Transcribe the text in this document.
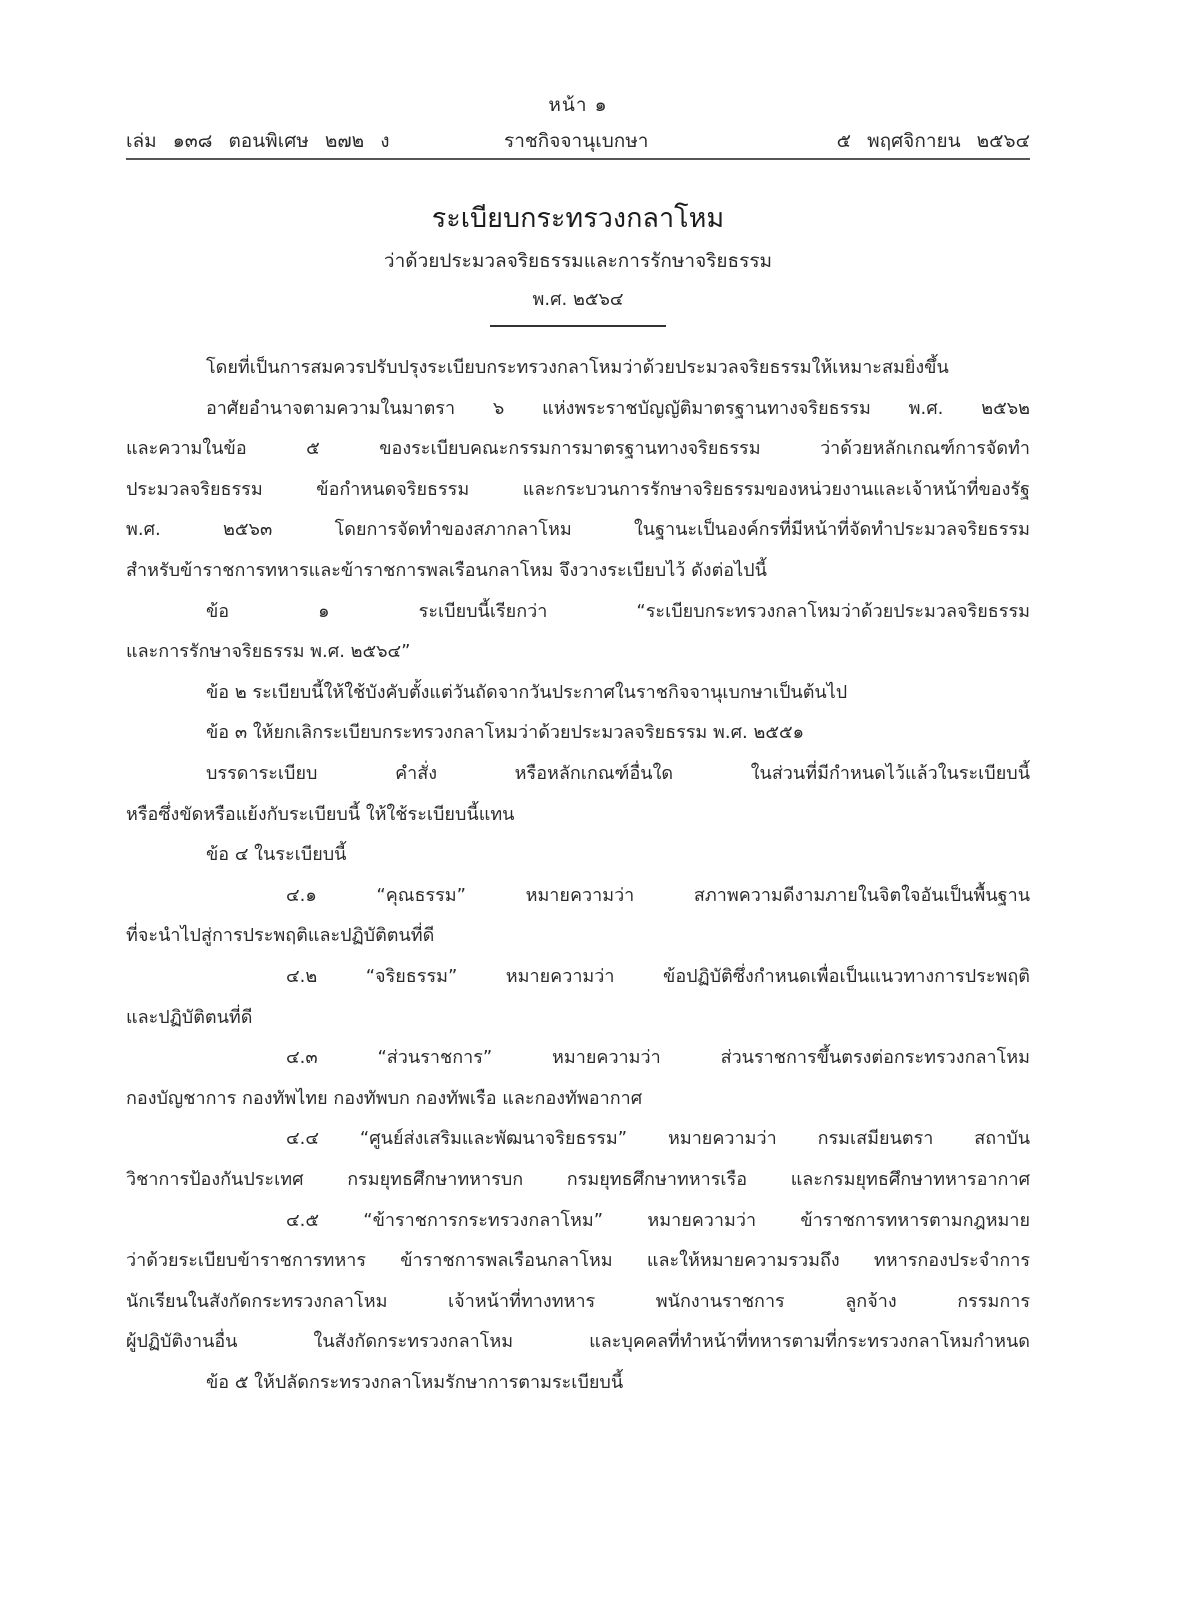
หน้า ๑
เล่ม ๑๓๘ ตอนพิเศษ ๒๗๒ ง	ราชกิจจานุเบกษา	๕ พฤศจิกายน ๒๕๖๔
ระเบียบกระทรวงกลาโหม
ว่าด้วยประมวลจริยธรรมและการรักษาจริยธรรม
พ.ศ. ๒๕๖๔
โดยที่เป็นการสมควรปรับปรุงระเบียบกระทรวงกลาโหมว่าด้วยประมวลจริยธรรมให้เหมาะสมยิ่งขึ้น
อาศัยอำนาจตามความในมาตรา ๖ แห่งพระราชบัญญัติมาตรฐานทางจริยธรรม พ.ศ. ๒๕๖๒
และความในข้อ ๕ ของระเบียบคณะกรรมการมาตรฐานทางจริยธรรม ว่าด้วยหลักเกณฑ์การจัดทำ
ประมวลจริยธรรม ข้อกำหนดจริยธรรม และกระบวนการรักษาจริยธรรมของหน่วยงานและเจ้าหน้าที่ของรัฐ
พ.ศ. ๒๕๖๓ โดยการจัดทำของสภากลาโหม ในฐานะเป็นองค์กรที่มีหน้าที่จัดทำประมวลจริยธรรม
สำหรับข้าราชการทหารและข้าราชการพลเรือนกลาโหม จึงวางระเบียบไว้ ดังต่อไปนี้
ข้อ ๑ ระเบียบนี้เรียกว่า “ระเบียบกระทรวงกลาโหมว่าด้วยประมวลจริยธรรม
และการรักษาจริยธรรม พ.ศ. ๒๕๖๔”
ข้อ ๒ ระเบียบนี้ให้ใช้บังคับตั้งแต่วันถัดจากวันประกาศในราชกิจจานุเบกษาเป็นต้นไป
ข้อ ๓ ให้ยกเลิกระเบียบกระทรวงกลาโหมว่าด้วยประมวลจริยธรรม พ.ศ. ๒๕๕๑
บรรดาระเบียบ คำสั่ง หรือหลักเกณฑ์อื่นใด ในส่วนที่มีกำหนดไว้แล้วในระเบียบนี้
หรือซึ่งขัดหรือแย้งกับระเบียบนี้ ให้ใช้ระเบียบนี้แทน
ข้อ ๔ ในระเบียบนี้
๔.๑ “คุณธรรม” หมายความว่า สภาพความดีงามภายในจิตใจอันเป็นพื้นฐาน
ที่จะนำไปสู่การประพฤติและปฏิบัติตนที่ดี
๔.๒ “จริยธรรม” หมายความว่า ข้อปฏิบัติซึ่งกำหนดเพื่อเป็นแนวทางการประพฤติ
และปฏิบัติตนที่ดี
๔.๓ “ส่วนราชการ” หมายความว่า ส่วนราชการขึ้นตรงต่อกระทรวงกลาโหม
กองบัญชาการ กองทัพไทย กองทัพบก กองทัพเรือ และกองทัพอากาศ
๔.๔ “ศูนย์ส่งเสริมและพัฒนาจริยธรรม” หมายความว่า กรมเสมียนตรา สถาบัน
วิชาการป้องกันประเทศ กรมยุทธศึกษาทหารบก กรมยุทธศึกษาทหารเรือ และกรมยุทธศึกษาทหารอากาศ
๔.๕ “ข้าราชการกระทรวงกลาโหม” หมายความว่า ข้าราชการทหารตามกฎหมาย
ว่าด้วยระเบียบข้าราชการทหาร ข้าราชการพลเรือนกลาโหม และให้หมายความรวมถึง ทหารกองประจำการ
นักเรียนในสังกัดกระทรวงกลาโหม เจ้าหน้าที่ทางทหาร พนักงานราชการ ลูกจ้าง กรรมการ
ผู้ปฏิบัติงานอื่น ในสังกัดกระทรวงกลาโหม และบุคคลที่ทำหน้าที่ทหารตามที่กระทรวงกลาโหมกำหนด
ข้อ ๕ ให้ปลัดกระทรวงกลาโหมรักษาการตามระเบียบนี้
